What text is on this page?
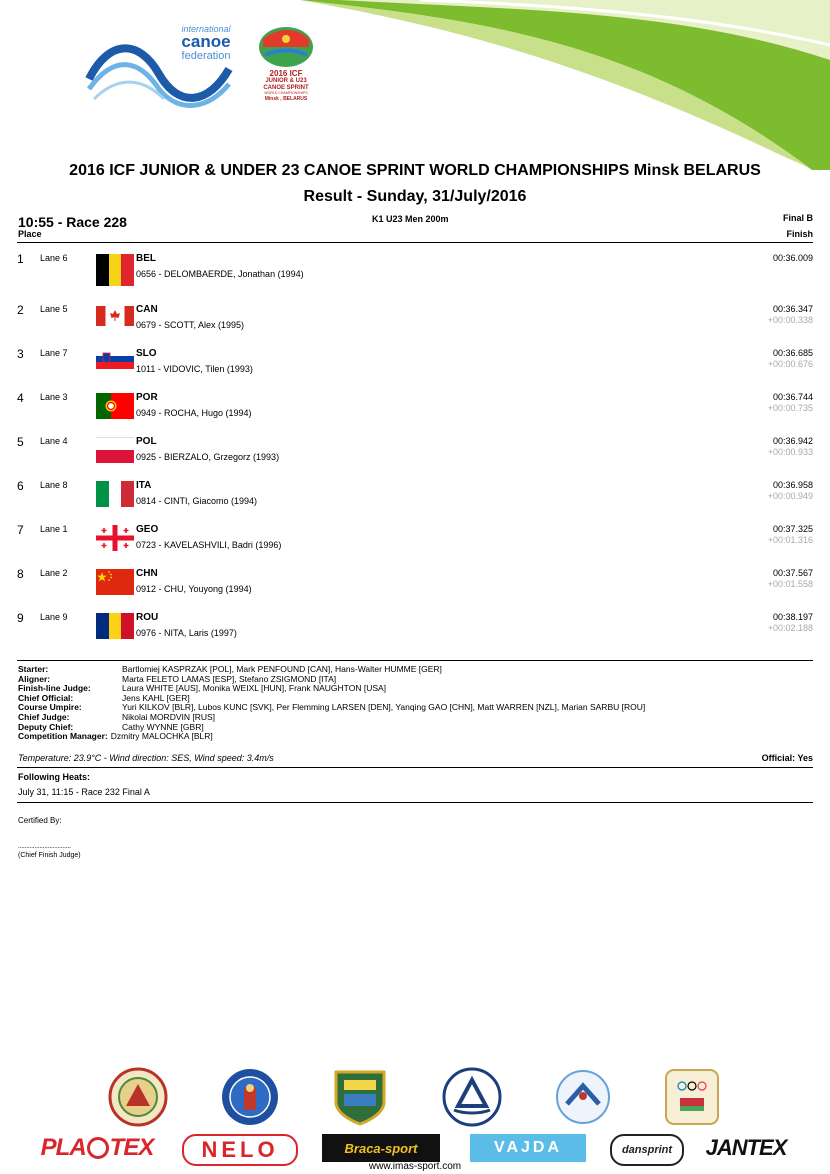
international
canoe
federation
2016 ICF
JUNIOR & U23
CANOE SPRINT
WORLD CHAMPIONSHIPS
Minsk , BELARUS
2016 ICF JUNIOR & UNDER 23 CANOE SPRINT WORLD CHAMPIONSHIPS Minsk BELARUS
Result - Sunday, 31/July/2016
10:55 - Race 228
Place
K1 U23 Men 200m	Final B
Finish
1 Lane 6	BEL
0656 - DELOMBAERDE, Jonathan (1994)
00:36.009
2 Lane 5	CAN
0679 - SCOTT, Alex (1995)
00:36.347
+00:00.338
3 Lane 7	SLO
1011 - VIDOVIC, Tilen (1993)
00:36.685
+00:00.676
4 Lane 3	POR
0949 - ROCHA, Hugo (1994)
00:36.744
+00:00.735
5 Lane 4	POL
0925 - BIERZALO, Grzegorz (1993)
00:36.942
+00:00.933
6 Lane 8	ITA
0814 - CINTI, Giacomo (1994)
00:36.958
+00:00.949
7 Lane 1	GEO
0723 - KAVELASHVILI, Badri (1996)
00:37.325
+00:01.316
8 Lane 2	CHN
0912 - CHU, Youyong (1994)
00:37.567
+00:01.558
9 Lane 9	ROU
0976 - NITA, Laris (1997)
00:38.197
+00:02.188
Starter:	Bartlomiej KASPRZAK [POL], Mark PENFOUND [CAN], Hans-Walter HUMME [GER]
Aligner:	Marta FELETO LAMAS [ESP], Stefano ZSIGMOND [ITA]
Finish-line Judge:	Laura WHITE [AUS], Monika WEIXL [HUN], Frank NAUGHTON [USA]
Chief Official:	Jens KAHL [GER]
Course Umpire:	Yuri KILKOV [BLR], Lubos KUNC [SVK], Per Flemming LARSEN [DEN], Yanqing GAO [CHN], Matt WARREN [NZL], Marian SARBU [ROU]
Chief Judge:	Nikolai MORDVIN [RUS]
Deputy Chief:	Cathy WYNNE [GBR]
Competition Manager: Dzmitry MALOCHKA [BLR]
Temperature: 23.9°C - Wind direction: SES, Wind speed: 3.4m/s	Official: Yes
Following Heats:
July 31, 11:15 - Race 232 Final A
Certified By:
................................
(Chief Finish Judge)
PLA TEX	NELO	Braca-sport	VAJDA	dansprint	JANTEX
www.imas-sport.com
